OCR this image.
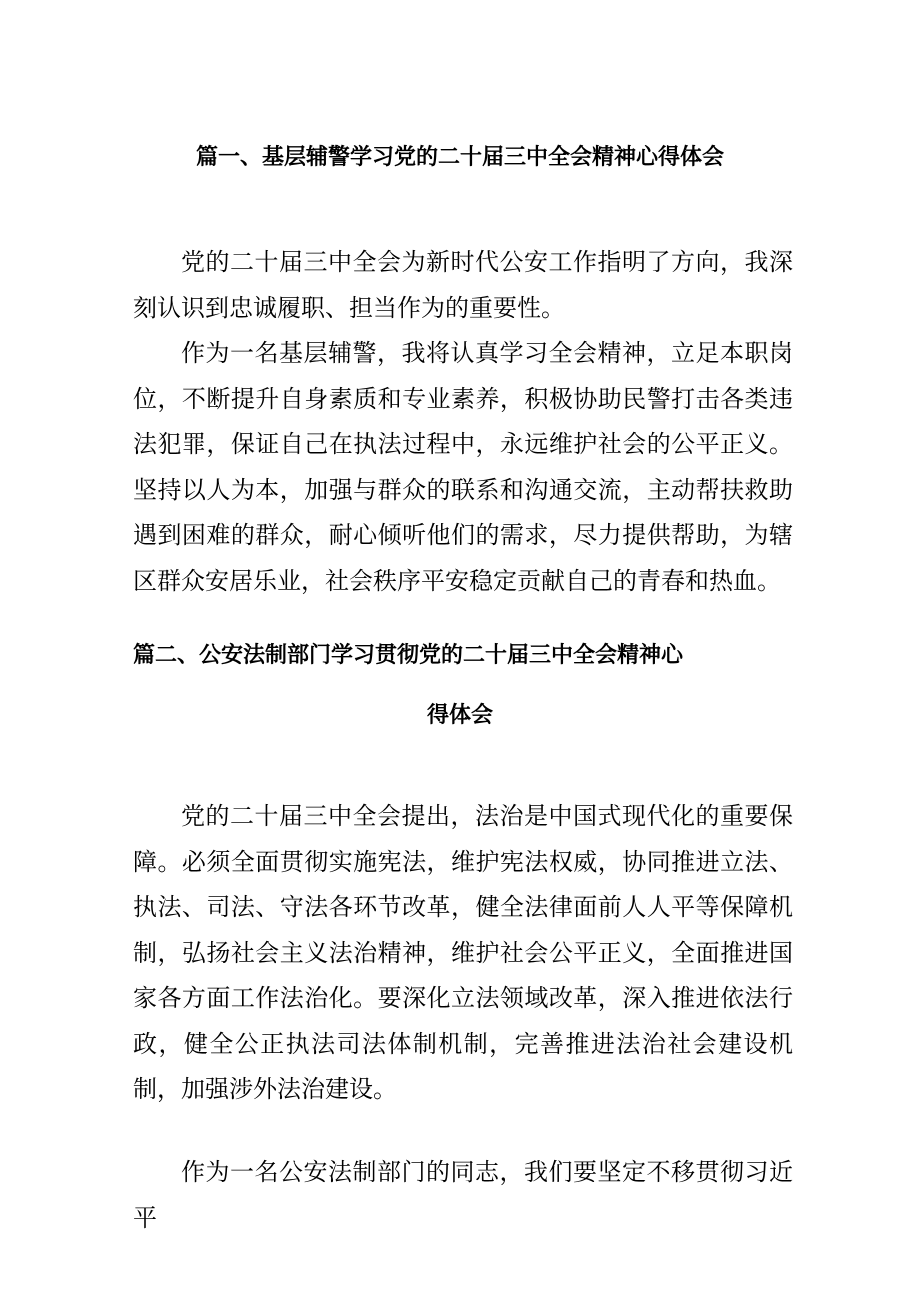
篇一、基层辅警学习党的二十届三中全会精神心得体会

党的二十届三中全会为新时代公安工作指明了方向，我深刻认识到忠诚履职、担当作为的重要性。

作为一名基层辅警，我将认真学习全会精神，立足本职岗位，不断提升自身素质和专业素养，积极协助民警打击各类违法犯罪，保证自己在执法过程中，永远维护社会的公平正义。坚持以人为本，加强与群众的联系和沟通交流，主动帮扶救助遇到困难的群众，耐心倾听他们的需求，尽力提供帮助，为辖区群众安居乐业，社会秩序平安稳定贡献自己的青春和热血。

篇二、公安法制部门学习贯彻党的二十届三中全会精神心
得体会

党的二十届三中全会提出，法治是中国式现代化的重要保障。必须全面贯彻实施宪法，维护宪法权威，协同推进立法、执法、司法、守法各环节改革，健全法律面前人人平等保障机制，弘扬社会主义法治精神，维护社会公平正义，全面推进国家各方面工作法治化。要深化立法领域改革，深入推进依法行政，健全公正执法司法体制机制，完善推进法治社会建设机制，加强涉外法治建设。

作为一名公安法制部门的同志，我们要坚定不移贯彻习近平
